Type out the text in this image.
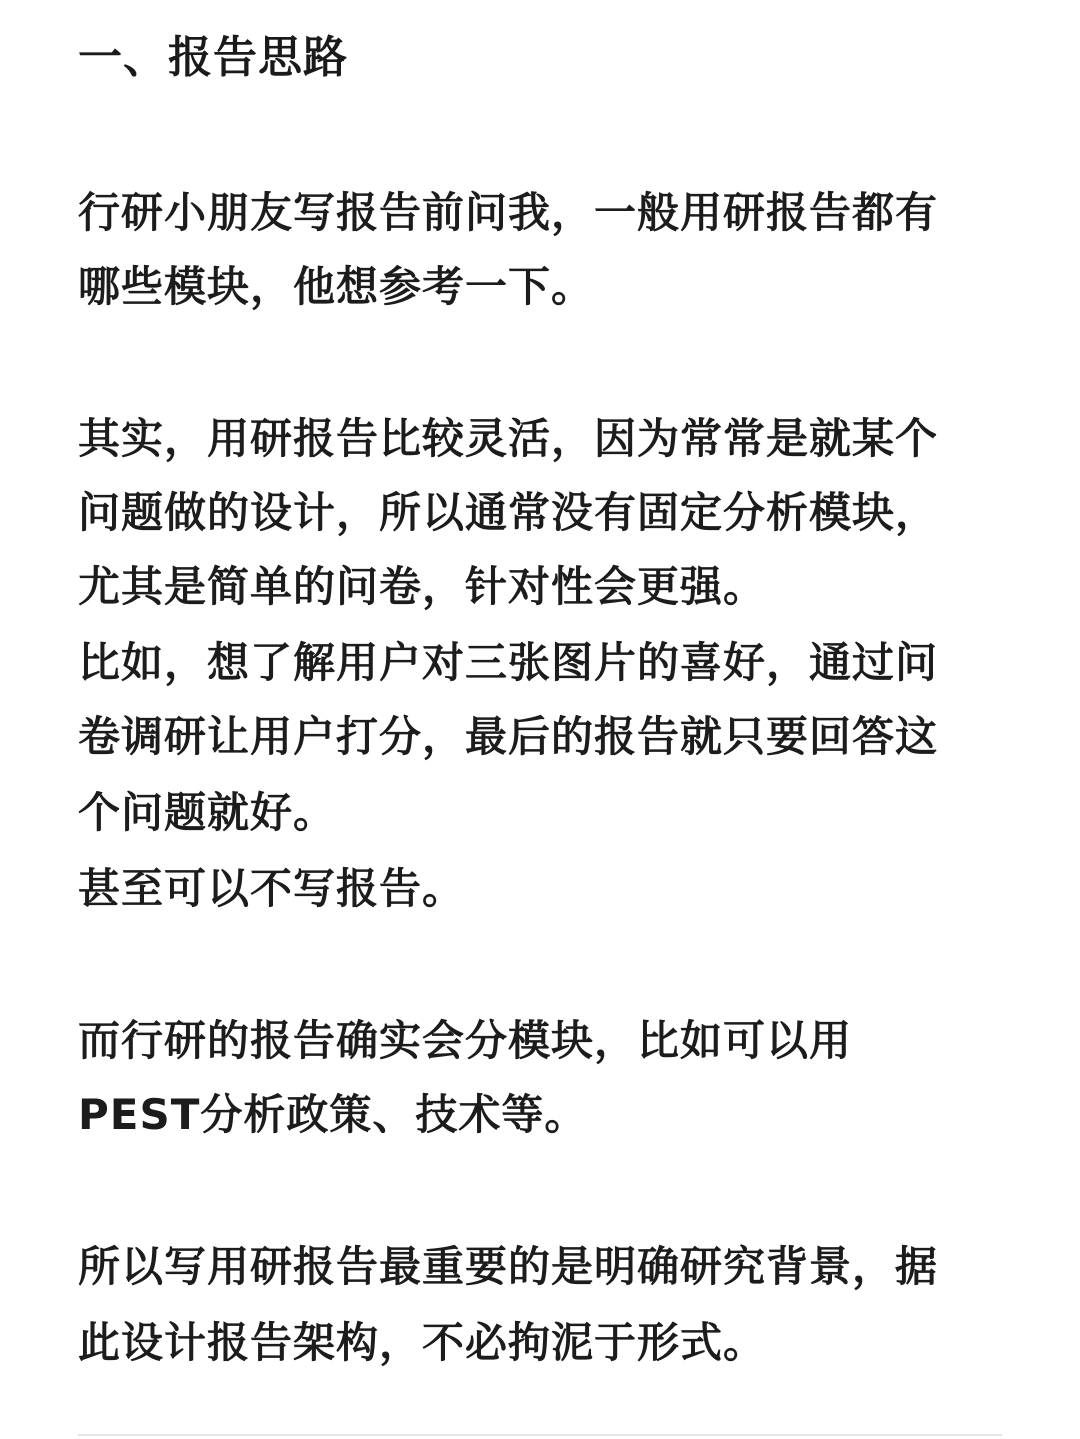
一、报告思路
行研小朋友写报告前问我，一般用研报告都有
哪些模块，他想参考一下。
其实，用研报告比较灵活，因为常常是就某个
问题做的设计，所以通常没有固定分析模块，
尤其是简单的问卷，针对性会更强。
比如，想了解用户对三张图片的喜好，通过问
卷调研让用户打分，最后的报告就只要回答这
个问题就好。
甚至可以不写报告。
而行研的报告确实会分模块，比如可以用
PEST分析政策、技术等。
所以写用研报告最重要的是明确研究背景，据
此设计报告架构，不必拘泥于形式。
